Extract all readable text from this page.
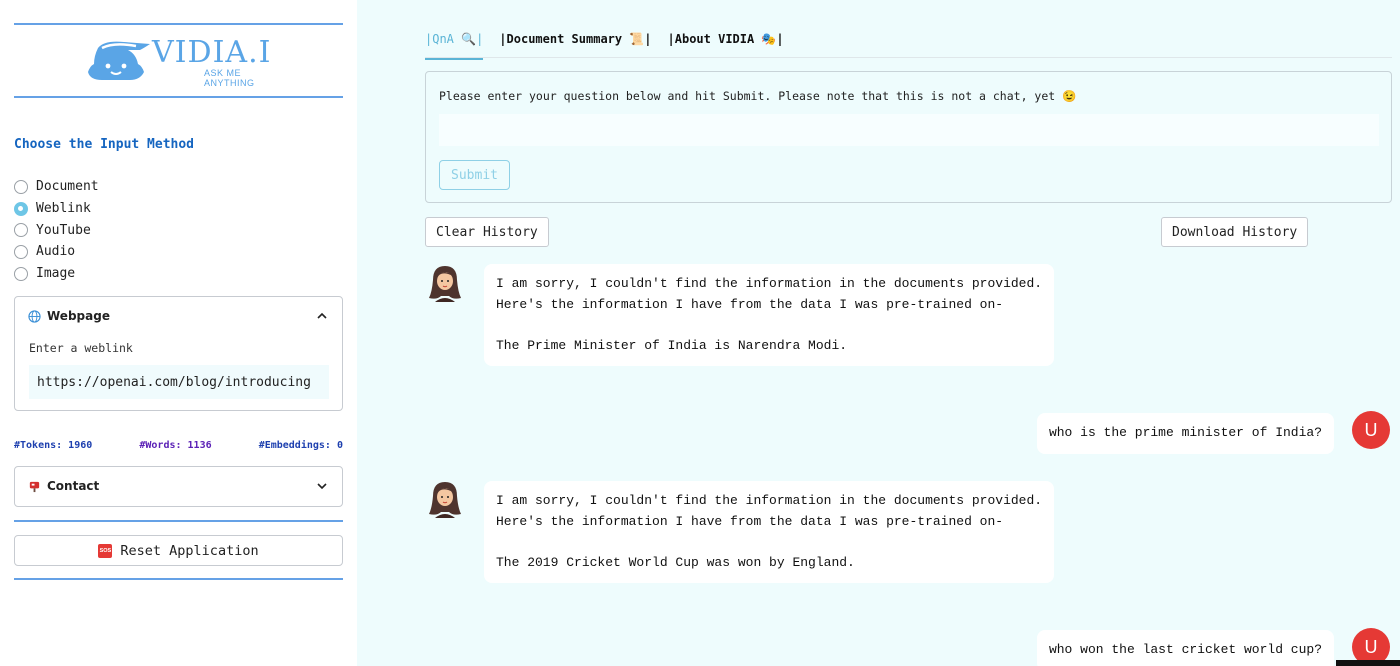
VIDIA.I
ASK ME ANYTHING
Choose the Input Method
Document
Weblink
YouTube
Audio
Image
Webpage
Enter a weblink
https://openai.com/blog/introducing
#Tokens: 1960	#Words: 1136	#Embeddings: 0
Contact
SOS Reset Application
|QnA 🔍| |Document Summary 📜| |About VIDIA 🎭|
Please enter your question below and hit Submit. Please note that this is not a chat, yet 😉
Submit
Clear History	Download History
I am sorry, I couldn't find the information in the documents provided.
Here's the information I have from the data I was pre-trained on-
The Prime Minister of India is Narendra Modi.
who is the prime minister of India?	U
I am sorry, I couldn't find the information in the documents provided.
Here's the information I have from the data I was pre-trained on-
The 2019 Cricket World Cup was won by England.
who won the last cricket world cup?	U
